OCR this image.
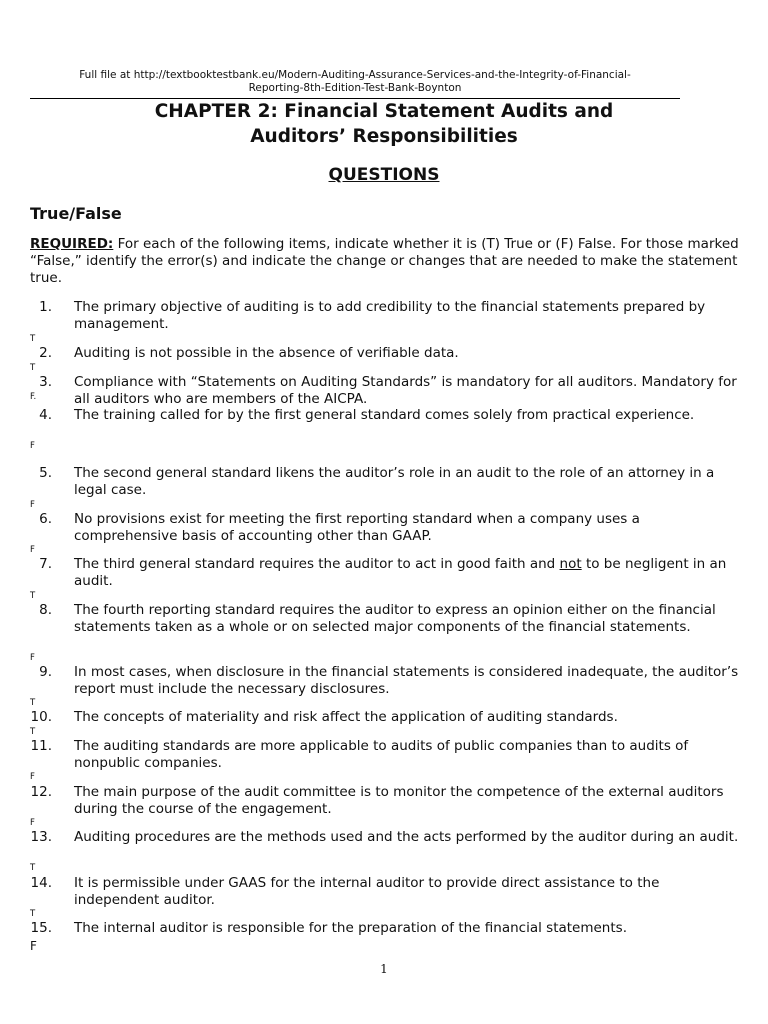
Full file at http://textbooktestbank.eu/Modern-Auditing-Assurance-Services-and-the-Integrity-of-Financial-
Reporting-8th-Edition-Test-Bank-Boynton
CHAPTER 2: Financial Statement Audits and
Auditors’ Responsibilities
QUESTIONS
True/False
REQUIRED: For each of the following items, indicate whether it is (T) True or (F) False. For those marked “False,” identify the error(s) and indicate the change or changes that are needed to make the statement true.
1. The primary objective of auditing is to add credibility to the financial statements prepared by management.
T
2. Auditing is not possible in the absence of verifiable data.
T
3. Compliance with “Statements on Auditing Standards” is mandatory for all auditors. Mandatory for all auditors who are members of the AICPA.
F.
4. The training called for by the first general standard comes solely from practical experience.
F
5. The second general standard likens the auditor’s role in an audit to the role of an attorney in a legal case.
F
6. No provisions exist for meeting the first reporting standard when a company uses a comprehensive basis of accounting other than GAAP.
F
7. The third general standard requires the auditor to act in good faith and not to be negligent in an audit.
T
8. The fourth reporting standard requires the auditor to express an opinion either on the financial statements taken as a whole or on selected major components of the financial statements.
F
9. In most cases, when disclosure in the financial statements is considered inadequate, the auditor’s report must include the necessary disclosures.
T
10. The concepts of materiality and risk affect the application of auditing standards.
T
11. The auditing standards are more applicable to audits of public companies than to audits of nonpublic companies.
F
12. The main purpose of the audit committee is to monitor the competence of the external auditors during the course of the engagement.
F
13. Auditing procedures are the methods used and the acts performed by the auditor during an audit.
T
14. It is permissible under GAAS for the internal auditor to provide direct assistance to the independent auditor.
T
15. The internal auditor is responsible for the preparation of the financial statements.
F
1
